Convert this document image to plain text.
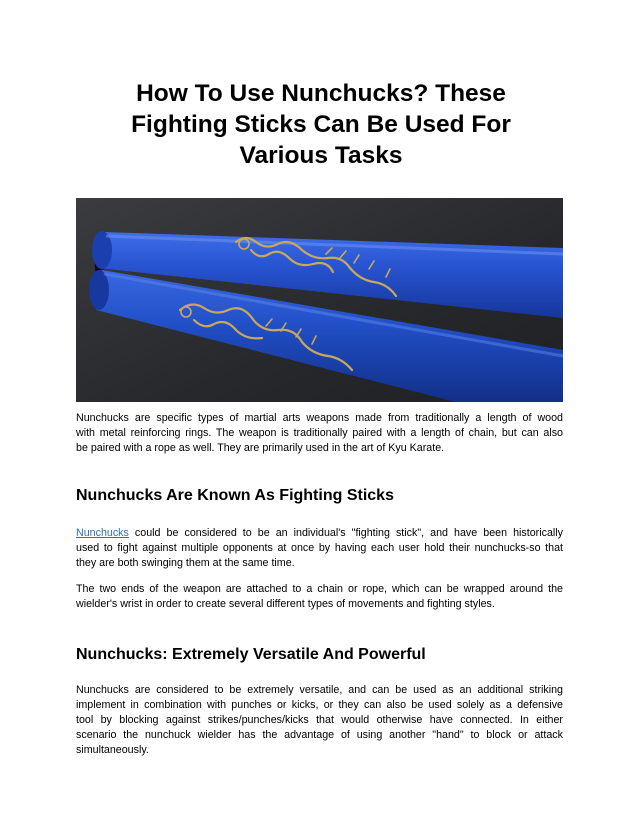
How To Use Nunchucks? These
Fighting Sticks Can Be Used For
Various Tasks

Nunchucks are specific types of martial arts weapons made from traditionally a length of wood
with metal reinforcing rings. The weapon is traditionally paired with a length of chain, but can also
be paired with a rope as well. They are primarily used in the art of Kyu Karate.

Nunchucks Are Known As Fighting Sticks

Nunchucks could be considered to be an individual's "fighting stick", and have been historically
used to fight against multiple opponents at once by having each user hold their nunchucks-so that
they are both swinging them at the same time.

The two ends of the weapon are attached to a chain or rope, which can be wrapped around the
wielder's wrist in order to create several different types of movements and fighting styles.

Nunchucks: Extremely Versatile And Powerful

Nunchucks are considered to be extremely versatile, and can be used as an additional striking
implement in combination with punches or kicks, or they can also be used solely as a defensive
tool by blocking against strikes/punches/kicks that would otherwise have connected. In either
scenario the nunchuck wielder has the advantage of using another "hand" to block or attack
simultaneously.
